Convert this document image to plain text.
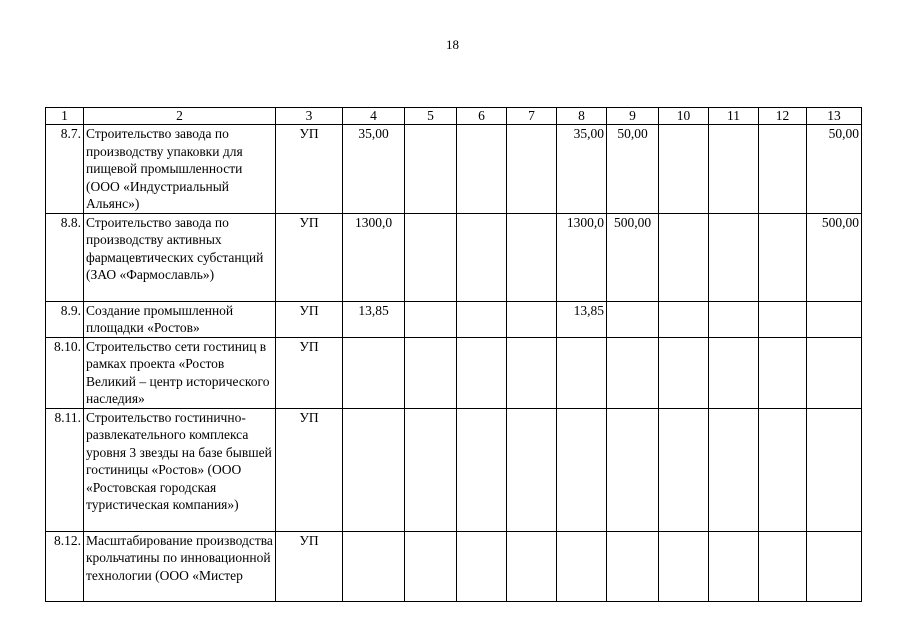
18
1	2	3	4	5	6	7	8	9	10	11	12	13
8.7.	Строительство завода по производству упаковки для пищевой промышленности (ООО «Индустриальный Альянс»)	УП	35,00				35,00	50,00				50,00
8.8.	Строительство завода по производству активных фармацевтических субстанций (ЗАО «Фармославль»)	УП	1300,0				1300,0	500,00				500,00
8.9.	Создание промышленной площадки «Ростов»	УП	13,85				13,85					
8.10.	Строительство сети гостиниц в рамках проекта «Ростов Великий – центр исторического наследия»	УП										
8.11.	Строительство гостинично-развлекательного комплекса уровня 3 звезды на базе бывшей гостиницы «Ростов» (ООО «Ростовская городская туристическая компания»)	УП										
8.12.	Масштабирование производства крольчатины по инновационной технологии (ООО «Мистер	УП										
